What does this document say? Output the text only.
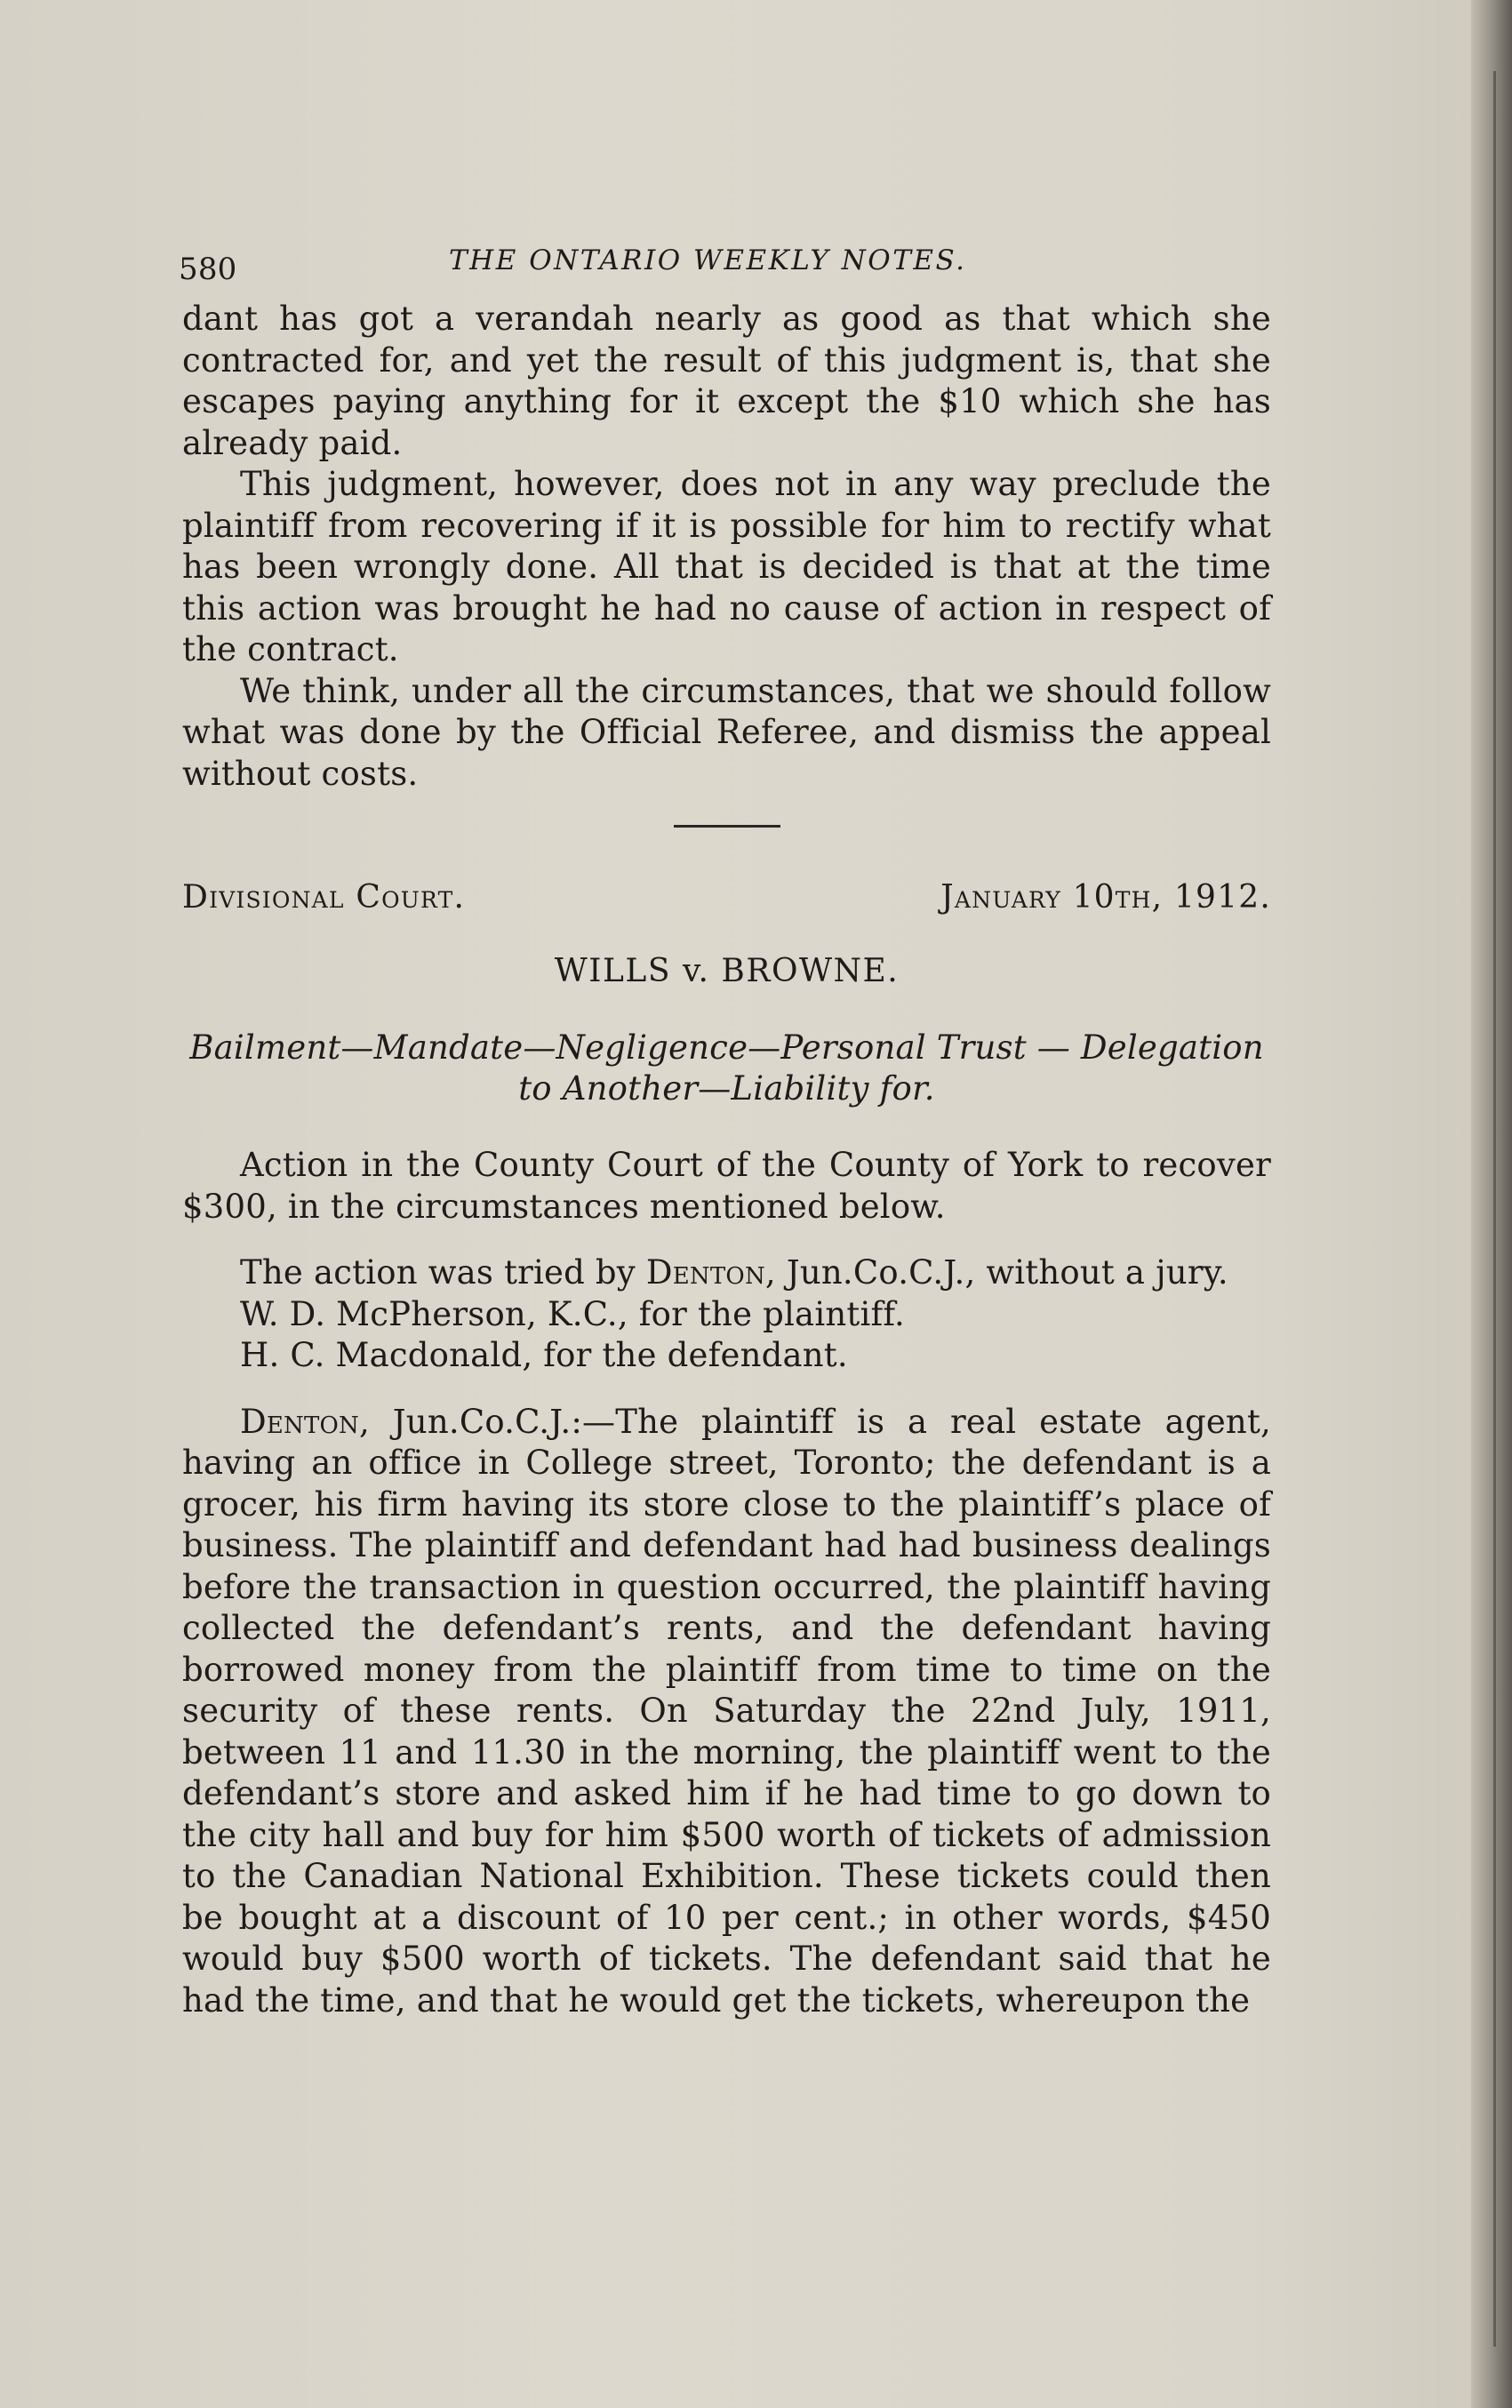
580	THE ONTARIO WEEKLY NOTES.

dant has got a verandah nearly as good as that which she contracted for, and yet the result of this judgment is, that she escapes paying anything for it except the $10 which she has already paid.

This judgment, however, does not in any way preclude the plaintiff from recovering if it is possible for him to rectify what has been wrongly done. All that is decided is that at the time this action was brought he had no cause of action in respect of the contract.

We think, under all the circumstances, that we should follow what was done by the Official Referee, and dismiss the appeal without costs.

Divisional Court.	January 10th, 1912.
WILLS v. BROWNE.
Bailment—Mandate—Negligence—Personal Trust — Delegation
to Another—Liability for.

Action in the County Court of the County of York to recover $300, in the circumstances mentioned below.

The action was tried by Denton, Jun.Co.C.J., without a jury.

W. D. McPherson, K.C., for the plaintiff.

H. C. Macdonald, for the defendant.

Denton, Jun.Co.C.J.:—The plaintiff is a real estate agent, having an office in College street, Toronto; the defendant is a grocer, his firm having its store close to the plaintiff’s place of business. The plaintiff and defendant had had business dealings before the transaction in question occurred, the plaintiff having collected the defendant’s rents, and the defendant having borrowed money from the plaintiff from time to time on the security of these rents. On Saturday the 22nd July, 1911, between 11 and 11.30 in the morning, the plaintiff went to the defendant’s store and asked him if he had time to go down to the city hall and buy for him $500 worth of tickets of admission to the Canadian National Exhibition. These tickets could then be bought at a discount of 10 per cent.; in other words, $450 would buy $500 worth of tickets. The defendant said that he had the time, and that he would get the tickets, whereupon the
